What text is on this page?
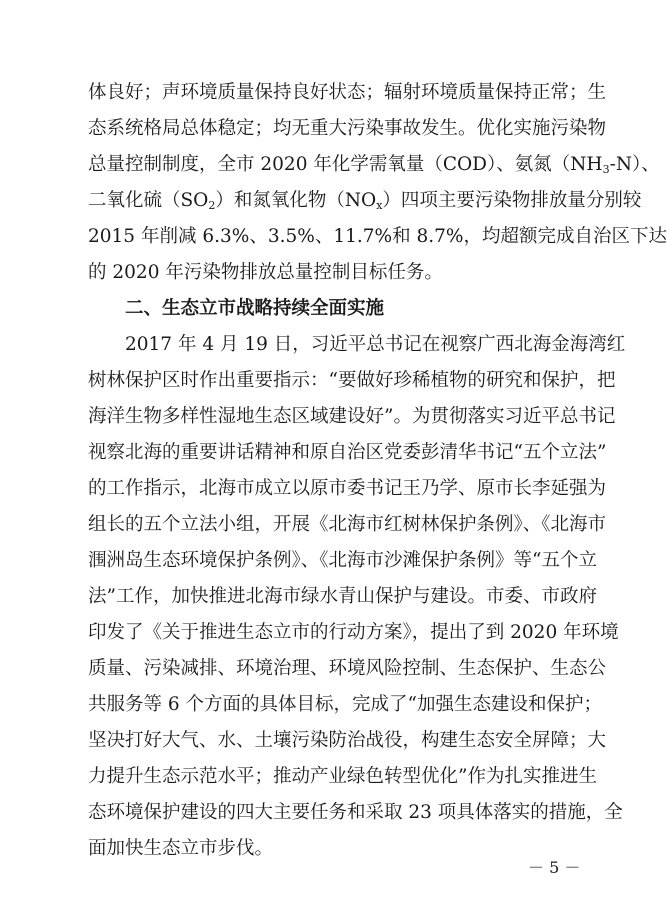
体良好；声环境质量保持良好状态；辐射环境质量保持正常；生
态系统格局总体稳定；均无重大污染事故发生。优化实施污染物
总量控制制度，全市 2020 年化学需氧量（COD）、氨氮$(NH_3-N)$、
二氧化硫$(SO_2)$和氮氧化物$(NO_x)$四项主要污染物排放量分别较
2015 年削减 6.3%、3.5%、11.7%和 8.7%，均超额完成自治区下达
的 2020 年污染物排放总量控制目标任务。
二、生态立市战略持续全面实施
2017 年 4 月 19 日，习近平总书记在视察广西北海金海湾红
树林保护区时作出重要指示：“要做好珍稀植物的研究和保护，把
海洋生物多样性湿地生态区域建设好”。为贯彻落实习近平总书记
视察北海的重要讲话精神和原自治区党委彭清华书记“五个立法”
的工作指示，北海市成立以原市委书记王乃学、原市长李延强为
组长的五个立法小组，开展《北海市红树林保护条例》、《北海市
涠洲岛生态环境保护条例》、《北海市沙滩保护条例》等“五个立
法”工作，加快推进北海市绿水青山保护与建设。市委、市政府
印发了《关于推进生态立市的行动方案》，提出了到 2020 年环境
质量、污染减排、环境治理、环境风险控制、生态保护、生态公
共服务等 6 个方面的具体目标，完成了“加强生态建设和保护；
坚决打好大气、水、土壤污染防治战役，构建生态安全屏障；大
力提升生态示范水平；推动产业绿色转型优化”作为扎实推进生
态环境保护建设的四大主要任务和采取 23 项具体落实的措施，全
面加快生态立市步伐。
－ 5 －
